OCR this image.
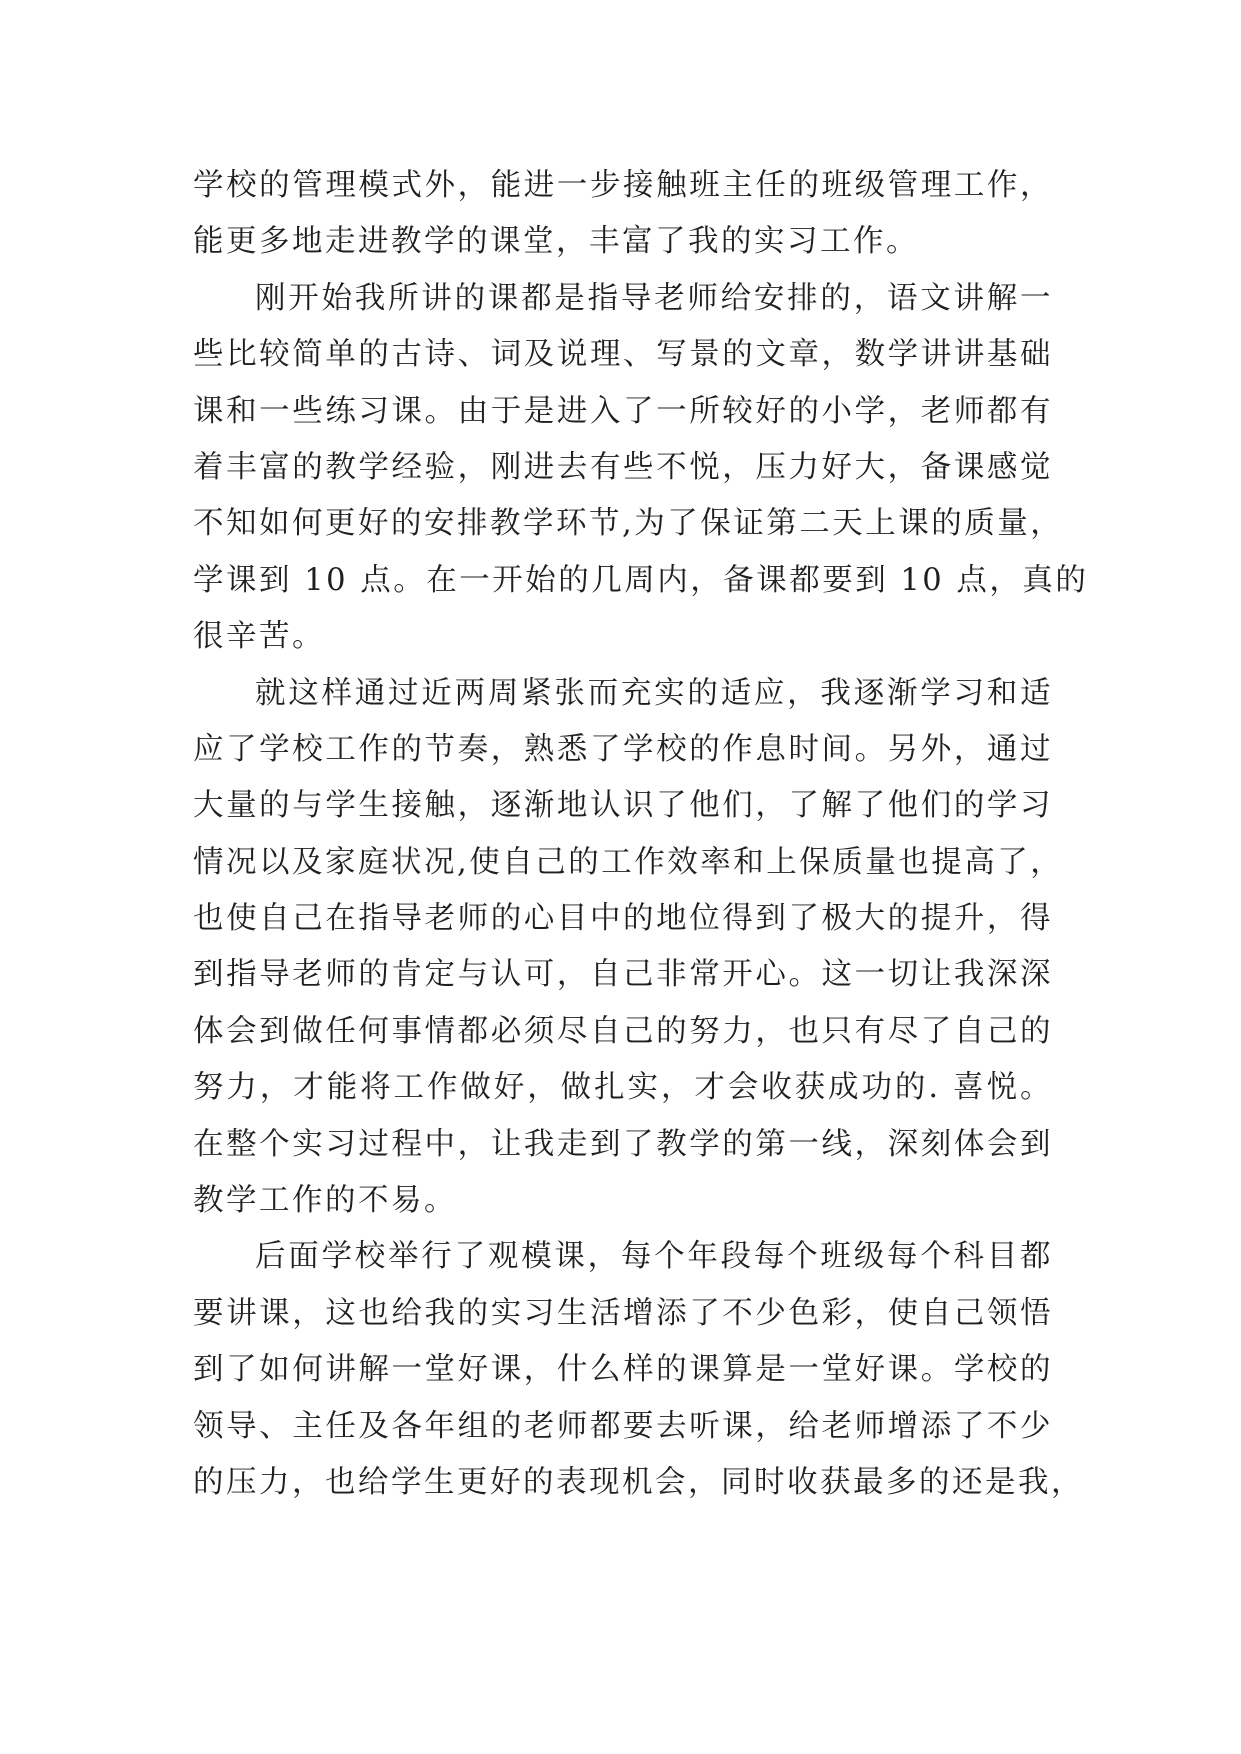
学校的管理模式外，能进一步接触班主任的班级管理工作，
能更多地走进教学的课堂，丰富了我的实习工作。
刚开始我所讲的课都是指导老师给安排的，语文讲解一
些比较简单的古诗、词及说理、写景的文章，数学讲讲基础
课和一些练习课。由于是进入了一所较好的小学，老师都有
着丰富的教学经验，刚进去有些不悦，压力好大，备课感觉
不知如何更好的安排教学环节,为了保证第二天上课的质量，
学课到 10 点。在一开始的几周内，备课都要到 10 点，真的
很辛苦。
就这样通过近两周紧张而充实的适应，我逐渐学习和适
应了学校工作的节奏，熟悉了学校的作息时间。另外，通过
大量的与学生接触，逐渐地认识了他们，了解了他们的学习
情况以及家庭状况,使自己的工作效率和上保质量也提高了，
也使自己在指导老师的心目中的地位得到了极大的提升，得
到指导老师的肯定与认可，自己非常开心。这一切让我深深
体会到做任何事情都必须尽自己的努力，也只有尽了自己的
努力，才能将工作做好，做扎实，才会收获成功的. 喜悦。
在整个实习过程中，让我走到了教学的第一线，深刻体会到
教学工作的不易。
后面学校举行了观模课，每个年段每个班级每个科目都
要讲课，这也给我的实习生活增添了不少色彩，使自己领悟
到了如何讲解一堂好课，什么样的课算是一堂好课。学校的
领导、主任及各年组的老师都要去听课，给老师增添了不少
的压力，也给学生更好的表现机会，同时收获最多的还是我，
